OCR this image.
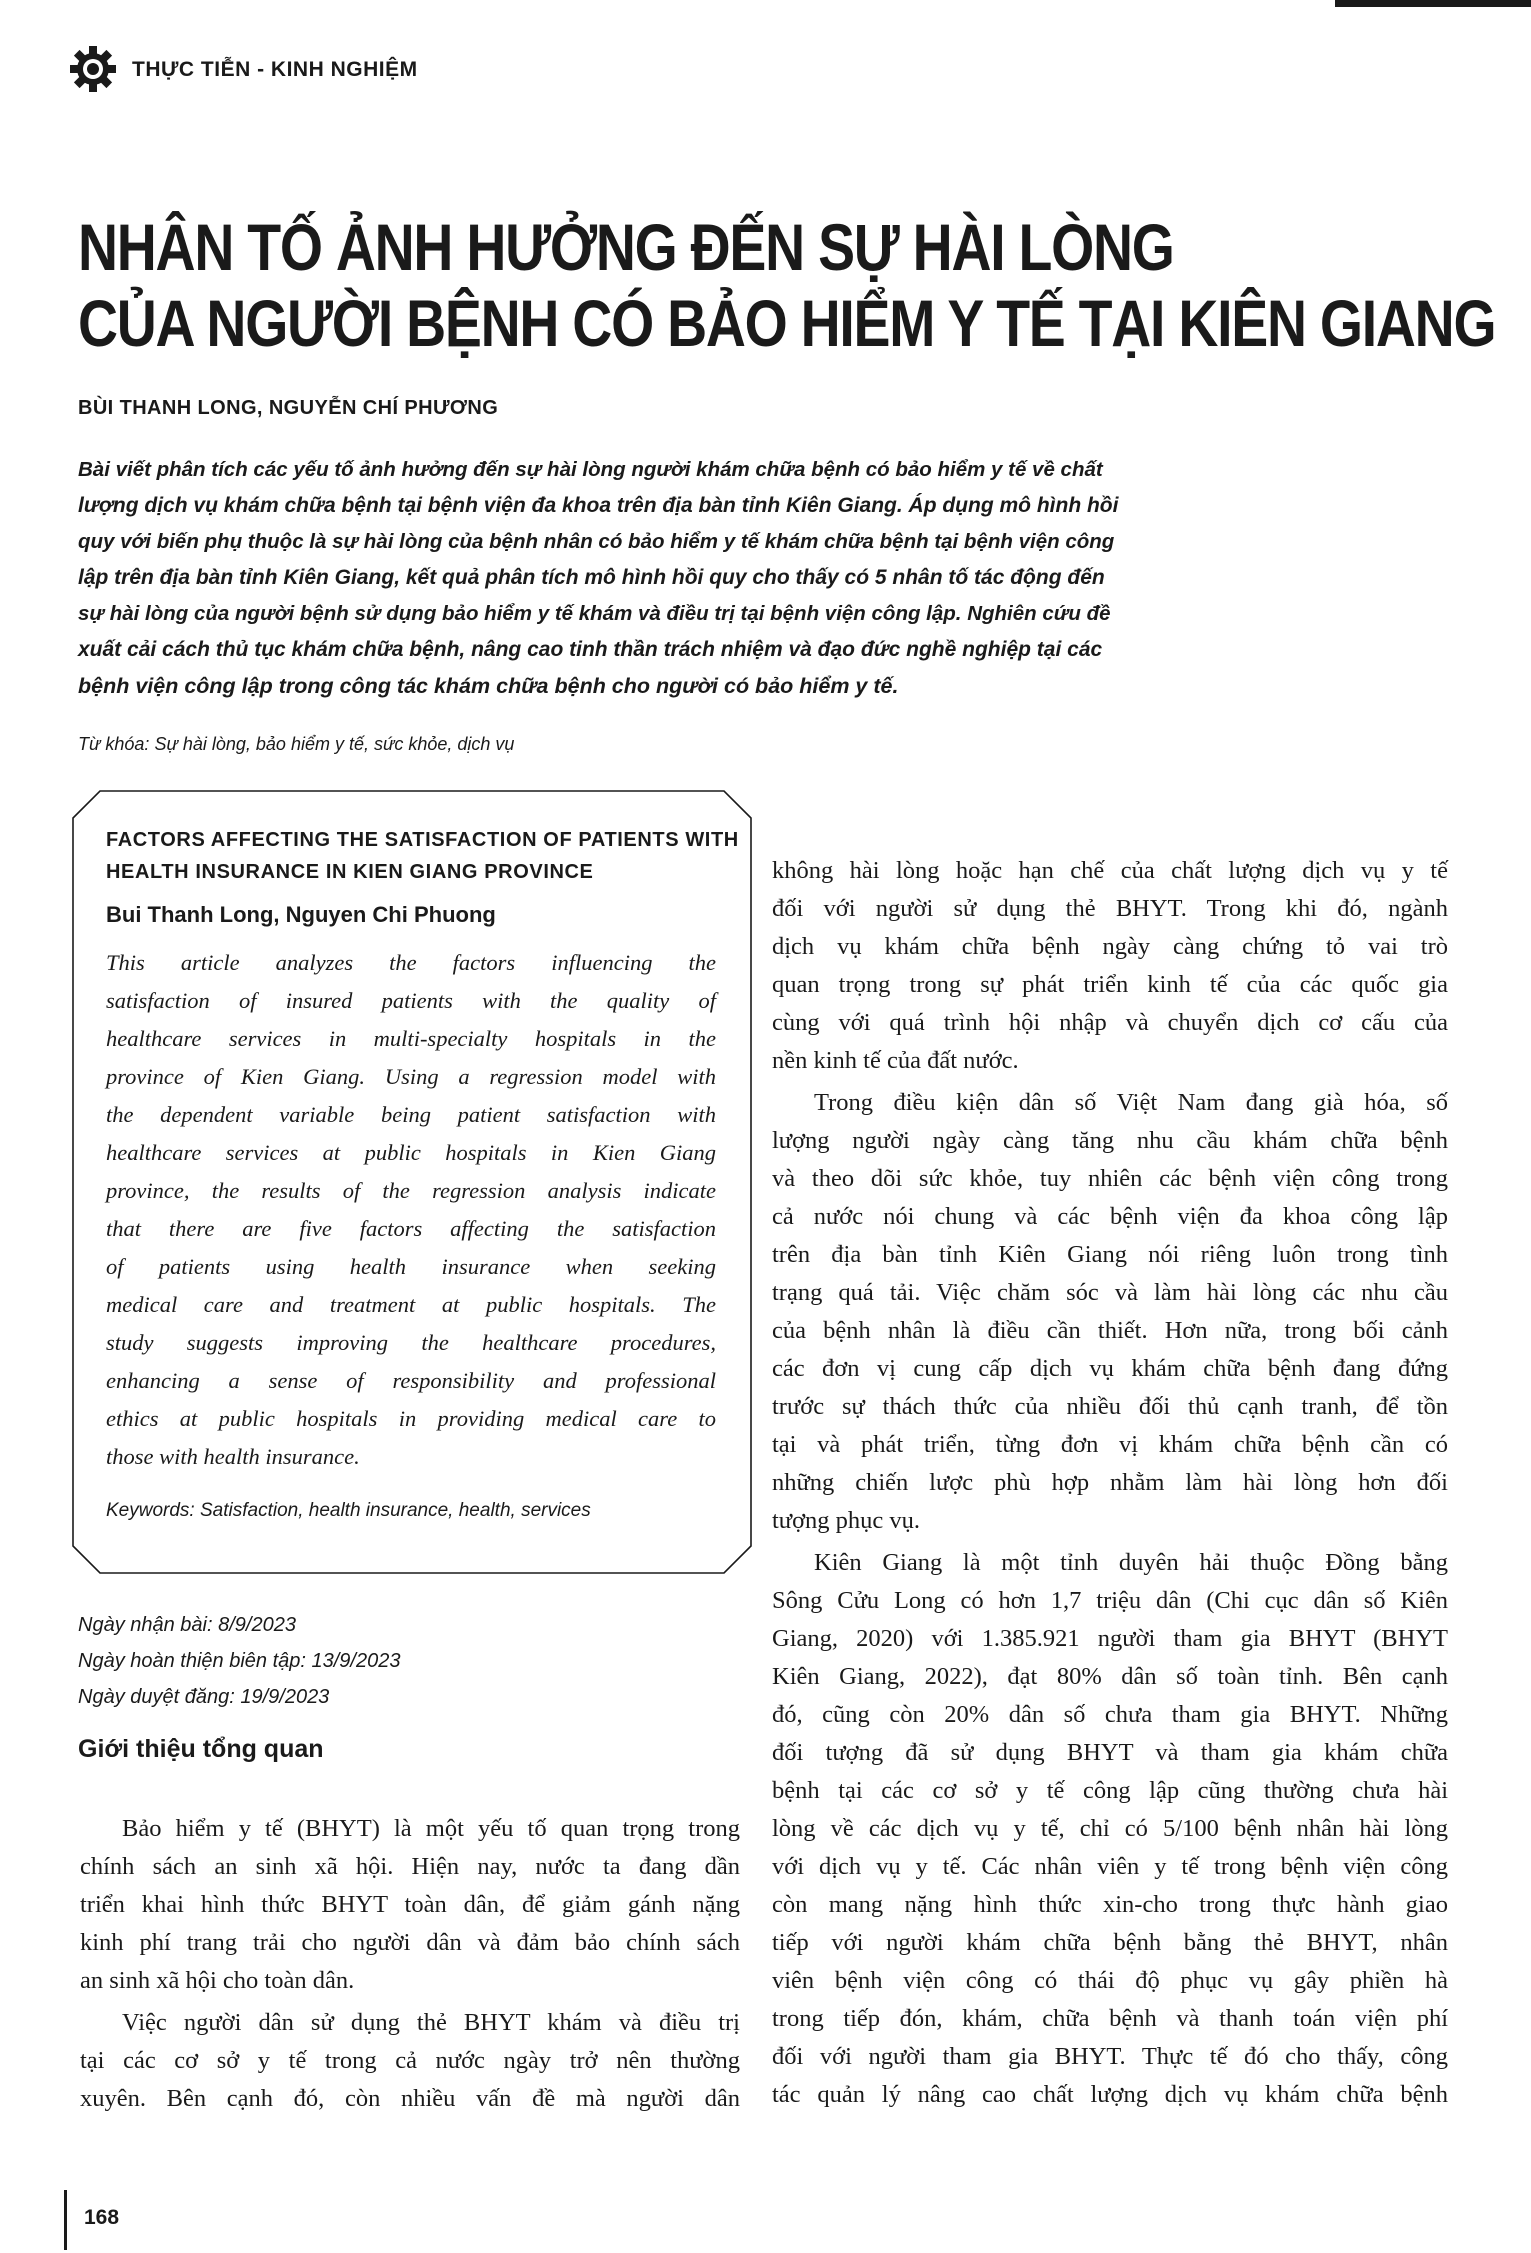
THỰC TIỄN - KINH NGHIỆM
NHÂN TỐ ẢNH HƯỞNG ĐẾN SỰ HÀI LÒNG
CỦA NGƯỜI BỆNH CÓ BẢO HIỂM Y TẾ TẠI KIÊN GIANG
BÙI THANH LONG, NGUYỄN CHÍ PHƯƠNG
Bài viết phân tích các yếu tố ảnh hưởng đến sự hài lòng người khám chữa bệnh có bảo hiểm y tế về chất
lượng dịch vụ khám chữa bệnh tại bệnh viện đa khoa trên địa bàn tỉnh Kiên Giang. Áp dụng mô hình hồi
quy với biến phụ thuộc là sự hài lòng của bệnh nhân có bảo hiểm y tế khám chữa bệnh tại bệnh viện công
lập trên địa bàn tỉnh Kiên Giang, kết quả phân tích mô hình hồi quy cho thấy có 5 nhân tố tác động đến
sự hài lòng của người bệnh sử dụng bảo hiểm y tế khám và điều trị tại bệnh viện công lập. Nghiên cứu đề
xuất cải cách thủ tục khám chữa bệnh, nâng cao tinh thần trách nhiệm và đạo đức nghề nghiệp tại các
bệnh viện công lập trong công tác khám chữa bệnh cho người có bảo hiểm y tế.
Từ khóa: Sự hài lòng, bảo hiểm y tế, sức khỏe, dịch vụ
FACTORS AFFECTING THE SATISFACTION OF PATIENTS WITH
HEALTH INSURANCE IN KIEN GIANG PROVINCE
Bui Thanh Long, Nguyen Chi Phuong
This article analyzes the factors influencing the
satisfaction of insured patients with the quality of
healthcare services in multi-specialty hospitals in the
province of Kien Giang. Using a regression model with
the dependent variable being patient satisfaction with
healthcare services at public hospitals in Kien Giang
province, the results of the regression analysis indicate
that there are five factors affecting the satisfaction
of patients using health insurance when seeking
medical care and treatment at public hospitals. The
study suggests improving the healthcare procedures,
enhancing a sense of responsibility and professional
ethics at public hospitals in providing medical care to
those with health insurance.
Keywords: Satisfaction, health insurance, health, services
Ngày nhận bài: 8/9/2023
Ngày hoàn thiện biên tập: 13/9/2023
Ngày duyệt đăng: 19/9/2023
Giới thiệu tổng quan
Bảo hiểm y tế (BHYT) là một yếu tố quan trọng trong
chính sách an sinh xã hội. Hiện nay, nước ta đang dần
triển khai hình thức BHYT toàn dân, để giảm gánh nặng
kinh phí trang trải cho người dân và đảm bảo chính sách
an sinh xã hội cho toàn dân.
Việc người dân sử dụng thẻ BHYT khám và điều trị
tại các cơ sở y tế trong cả nước ngày trở nên thường
xuyên. Bên cạnh đó, còn nhiều vấn đề mà người dân
không hài lòng hoặc hạn chế của chất lượng dịch vụ y tế
đối với người sử dụng thẻ BHYT. Trong khi đó, ngành
dịch vụ khám chữa bệnh ngày càng chứng tỏ vai trò
quan trọng trong sự phát triển kinh tế của các quốc gia
cùng với quá trình hội nhập và chuyển dịch cơ cấu của
nền kinh tế của đất nước.
Trong điều kiện dân số Việt Nam đang già hóa, số
lượng người ngày càng tăng nhu cầu khám chữa bệnh
và theo dõi sức khỏe, tuy nhiên các bệnh viện công trong
cả nước nói chung và các bệnh viện đa khoa công lập
trên địa bàn tỉnh Kiên Giang nói riêng luôn trong tình
trạng quá tải. Việc chăm sóc và làm hài lòng các nhu cầu
của bệnh nhân là điều cần thiết. Hơn nữa, trong bối cảnh
các đơn vị cung cấp dịch vụ khám chữa bệnh đang đứng
trước sự thách thức của nhiều đối thủ cạnh tranh, để tồn
tại và phát triển, từng đơn vị khám chữa bệnh cần có
những chiến lược phù hợp nhằm làm hài lòng hơn đối
tượng phục vụ.
Kiên Giang là một tỉnh duyên hải thuộc Đồng bằng
Sông Cửu Long có hơn 1,7 triệu dân (Chi cục dân số Kiên
Giang, 2020) với 1.385.921 người tham gia BHYT (BHYT
Kiên Giang, 2022), đạt 80% dân số toàn tỉnh. Bên cạnh
đó, cũng còn 20% dân số chưa tham gia BHYT. Những
đối tượng đã sử dụng BHYT và tham gia khám chữa
bệnh tại các cơ sở y tế công lập cũng thường chưa hài
lòng về các dịch vụ y tế, chỉ có 5/100 bệnh nhân hài lòng
với dịch vụ y tế. Các nhân viên y tế trong bệnh viện công
còn mang nặng hình thức xin-cho trong thực hành giao
tiếp với người khám chữa bệnh bằng thẻ BHYT, nhân
viên bệnh viện công có thái độ phục vụ gây phiền hà
trong tiếp đón, khám, chữa bệnh và thanh toán viện phí
đối với người tham gia BHYT. Thực tế đó cho thấy, công
tác quản lý nâng cao chất lượng dịch vụ khám chữa bệnh
168
